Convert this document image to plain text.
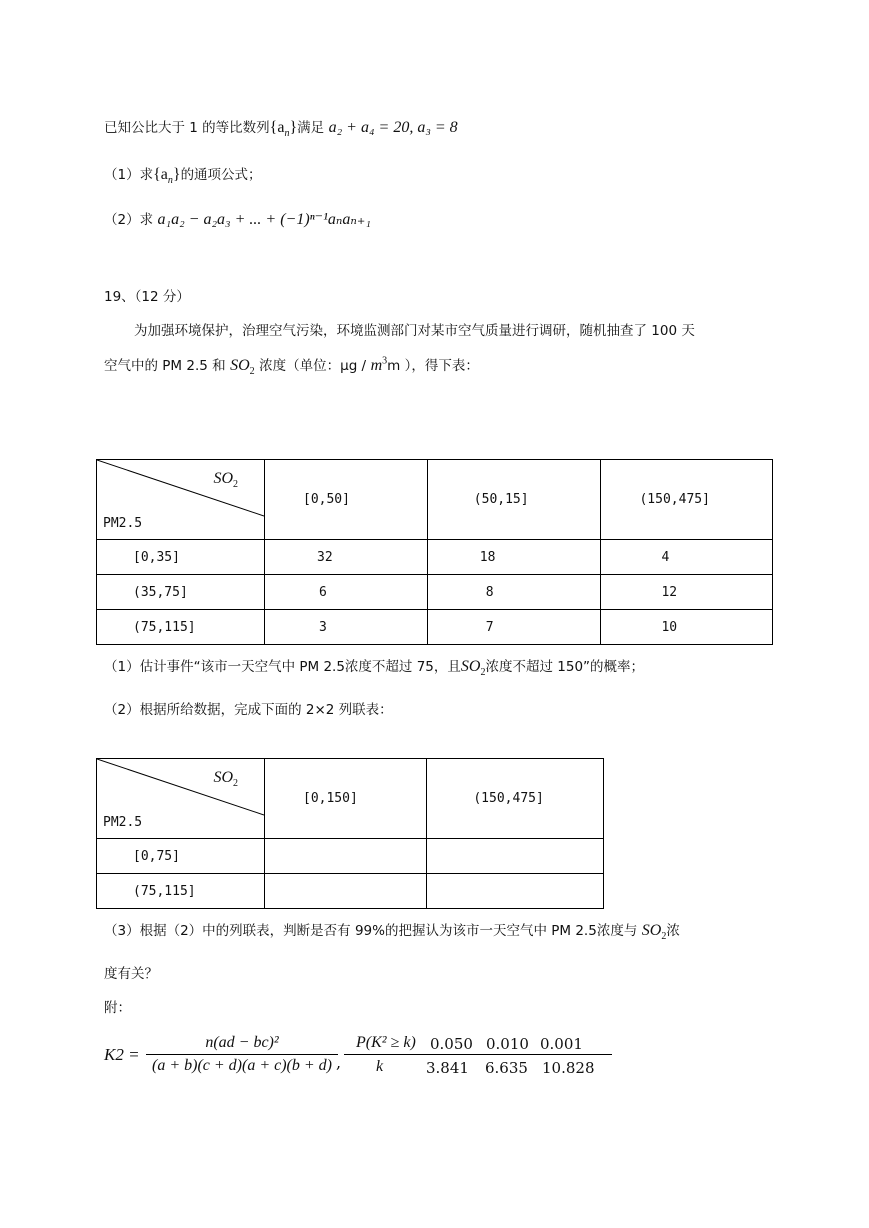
已知公比大于 1 的等比数列$\{a_n\}$满足 a₂ + a₄ = 20, a₃ = 8
（1）求$\{a_n\}$的通项公式；
（2）求 a₁a₂ − a₂a₃ + ... + (−1)ⁿ⁻¹aₙaₙ₊₁
19、（12 分）
为加强环境保护，治理空气污染，环境监测部门对某市空气质量进行调研，随机抽查了 100 天
空气中的 PM 2.5 和 $SO_2$ 浓度（单位：μg / $m^3m$ ），得下表：
$SO_2$
PM2.5	[0,50]	(50,15]	(150,475]
[0,35]	32	18	4
(35,75]	6	8	12
(75,115]	3	7	10
（1）估计事件“该市一天空气中 PM 2.5浓度不超过 75，且$SO_2$浓度不超过 150”的概率；
（2）根据所给数据，完成下面的 2×2 列联表：
$SO_2$
PM2.5	[0,150]	(150,475]
[0,75]		
(75,115]		
（3）根据（2）中的列联表，判断是否有 99%的把握认为该市一天空气中 PM 2.5浓度与 $SO_2$浓
度有关？
附：
K2 =
n(ad − bc)²
(a + b)(c + d)(a + c)(b + d) ,
P(K² ≥ k) 0.050 0.010 0.001
k	3.841 6.635 10.828
